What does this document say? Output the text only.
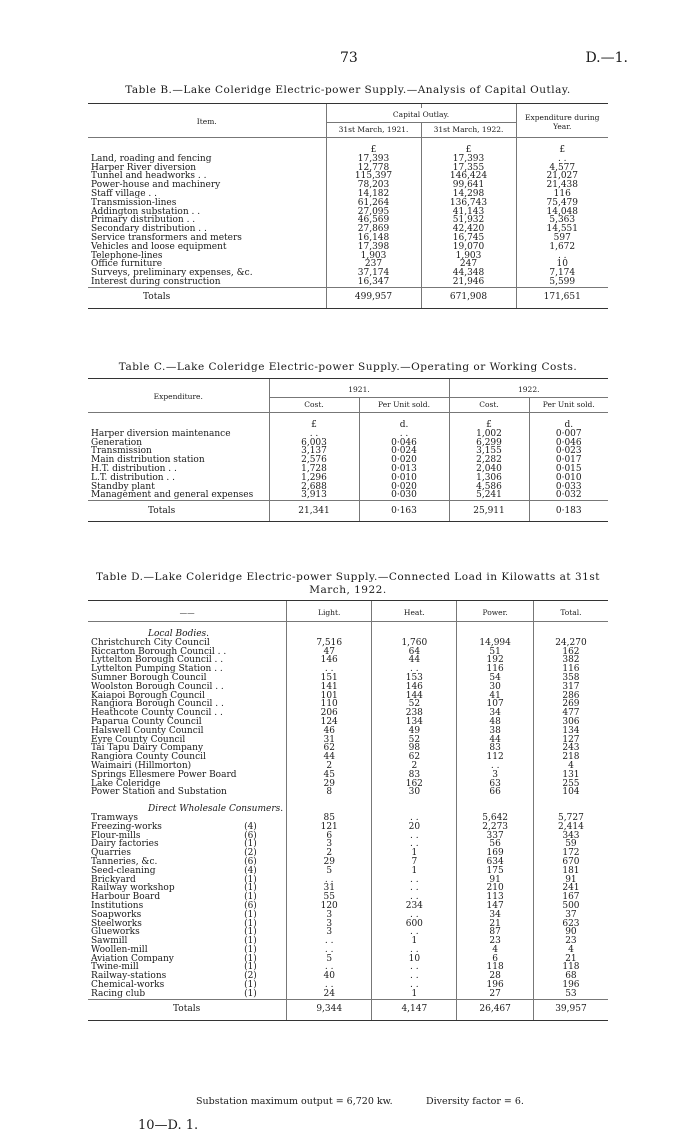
73	D.—1.
Table B.—Lake Coleridge Electric-power Supply.—Analysis of Capital Outlay.

Item.	Capital Outlay.		Expenditure during Year.
	31st March, 1921.	31st March, 1922.	

	£	£	£
Land, roading and fencing	17,393	17,393	. .
Harper River diversion	12,778	17,355	4,577
Tunnel and headworks . .	115,397	146,424	21,027
Power-house and machinery	78,203	99,641	21,438
Staff village . .	14,182	14,298	116
Transmission-lines	61,264	136,743	75,479
Addington substation . .	27,095	41,143	14,048
Primary distribution . .	46,569	51,932	5,363
Secondary distribution . .	27,869	42,420	14,551
Service transformers and meters	16,148	16,745	597
Vehicles and loose equipment	17,398	19,070	1,672
Telephone-lines	1,903	1,903	. .
Office furniture	237	247	10
Surveys, preliminary expenses, &c.	37,174	44,348	7,174
Interest during construction	16,347	21,946	5,599
Totals	499,957	671,908	171,651
Table C.—Lake Coleridge Electric-power Supply.—Operating or Working Costs.

Expenditure.	1921.		1922.	
	Cost.	Per Unit sold.	Cost.	Per Unit sold.

	£	d.	£	d.
Harper diversion maintenance	. .	. .	1,002	0·007
Generation	6,003	0·046	6,299	0·046
Transmission	3,137	0·024	3,155	0·023
Main distribution station	2,576	0·020	2,282	0·017
H.T. distribution . .	1,728	0·013	2,040	0·015
L.T. distribution . .	1,296	0·010	1,306	0·010
Standby plant	2,688	0·020	4,586	0·033
Management and general expenses	3,913	0·030	5,241	0·032
Totals	21,341	0·163	25,911	0·183
Table D.—Lake Coleridge Electric-power Supply.—Connected Load in Kilowatts at 31st
March, 1922.

——		Light.	Heat.	Power.	Total.

Local Bodies.					
Christchurch City Council		7,516	1,760	14,994	24,270
Riccarton Borough Council . .		47	64	51	162
Lyttelton Borough Council . .		146	44	192	382
Lyttelton Pumping Station . .		. .	. .	116	116
Sumner Borough Council		151	153	54	358
Woolston Borough Council . .		141	146	30	317
Kaiapoi Borough Council		101	144	41	286
Rangiora Borough Council . .		110	52	107	269
Heathcote County Council . .		206	238	34	477
Paparua County Council		124	134	48	306
Halswell County Council		46	49	38	134
Eyre County Council		31	52	44	127
Tai Tapu Dairy Company		62	98	83	243
Rangiora County Council		44	62	112	218
Waimairi (Hillmorton)		2	2	. .	4
Springs Ellesmere Power Board		45	83	3	131
Lake Coleridge		29	162	63	255
Power Station and Substation		8	30	66	104

Direct Wholesale Consumers.					
Tramways		85	. .	5,642	5,727
Freezing-works	(4)	121	20	2,273	2,414
Flour-mills	(6)	6	. .	337	343
Dairy factories	(1)	3	. .	56	59
Quarries	(2)	2	1	169	172
Tanneries, &c.	(6)	29	7	634	670
Seed-cleaning	(4)	5	1	175	181
Brickyard	(1)	. .	. .	91	91
Railway workshop	(1)	31	. .	210	241
Harbour Board	(1)	55	. .	113	167
Institutions	(6)	120	234	147	500
Soapworks	(1)	3	. .	34	37
Steelworks	(1)	3	600	21	623
Glueworks	(1)	3	. .	87	90
Sawmill	(1)	. .	1	23	23
Woollen-mill	(1)	. .	. .	4	4
Aviation Company	(1)	5	10	6	21
Twine-mill	(1)	. .	. .	118	118
Railway-stations	(2)	40	. .	28	68
Chemical-works	(1)	. .	. .	196	196
Racing club	(1)	24	1	27	53
Totals		9,344	4,147	26,467	39,957
Substation maximum output = 6,720 kw.	Diversity factor = 6.
10—D. 1.
